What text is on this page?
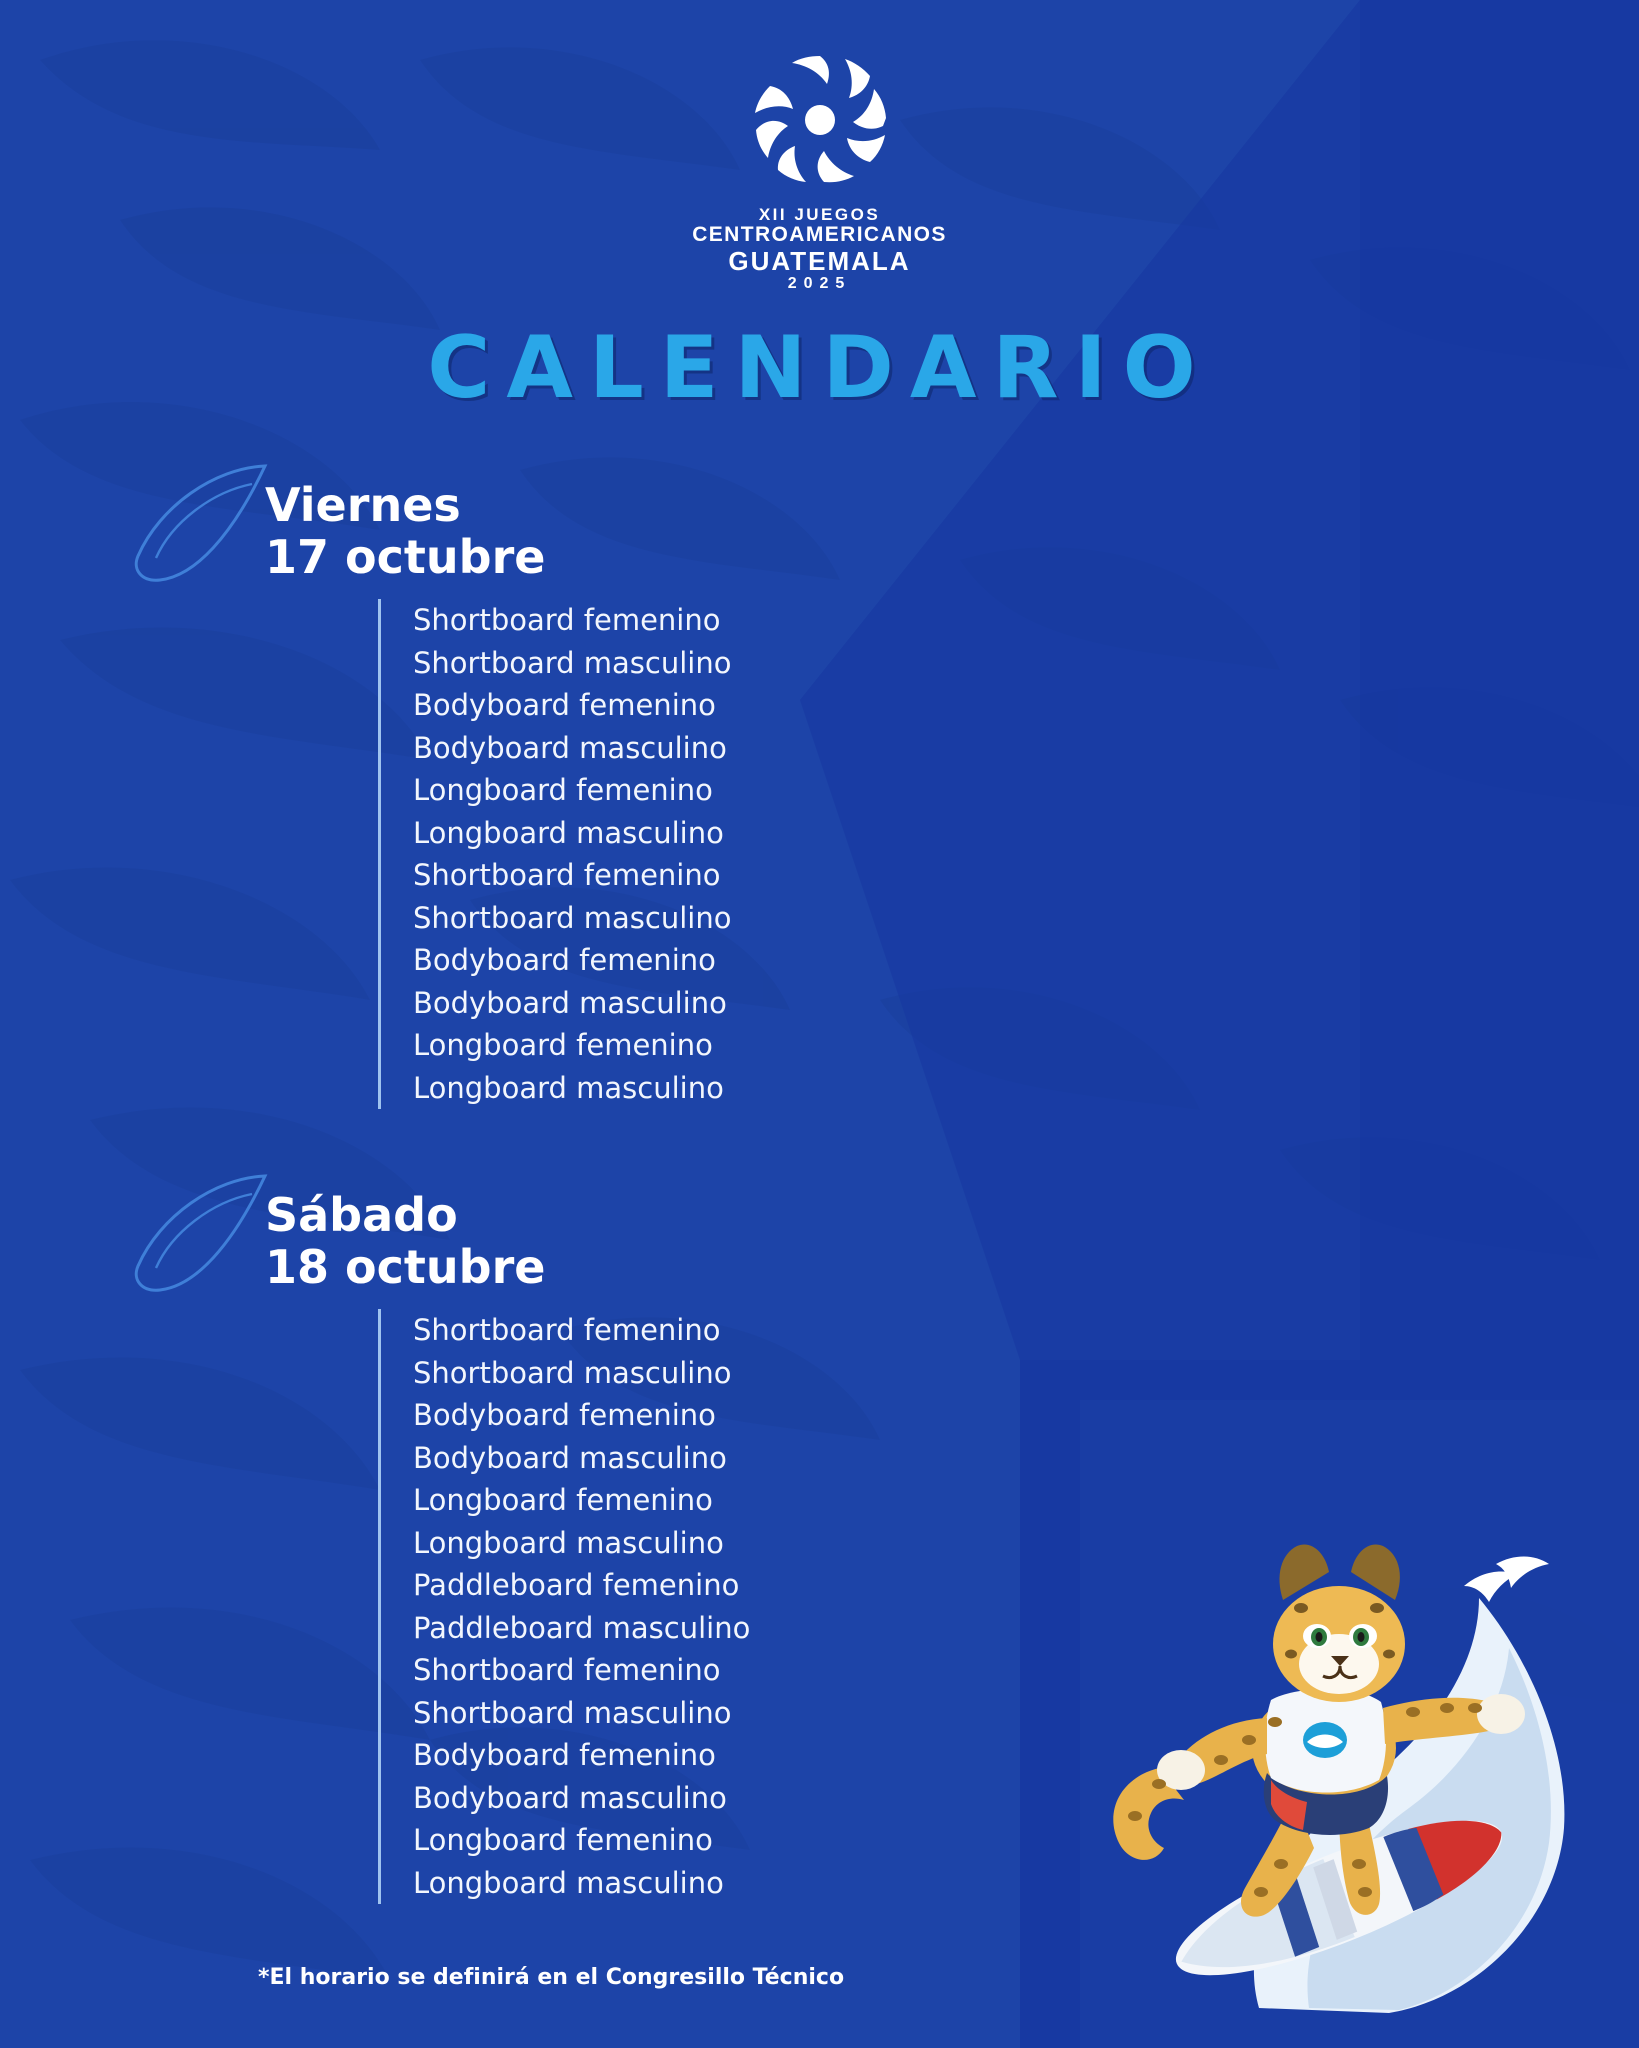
XII JUEGOS
CENTROAMERICANOS
GUATEMALA
2025
CALENDARIO
Viernes
17 octubre
Shortboard femenino
Shortboard masculino
Bodyboard femenino
Bodyboard masculino
Longboard femenino
Longboard masculino
Shortboard femenino
Shortboard masculino
Bodyboard femenino
Bodyboard masculino
Longboard femenino
Longboard masculino
Sábado
18 octubre
Shortboard femenino
Shortboard masculino
Bodyboard femenino
Bodyboard masculino
Longboard femenino
Longboard masculino
Paddleboard femenino
Paddleboard masculino
Shortboard femenino
Shortboard masculino
Bodyboard femenino
Bodyboard masculino
Longboard femenino
Longboard masculino
*El horario se definirá en el Congresillo Técnico
